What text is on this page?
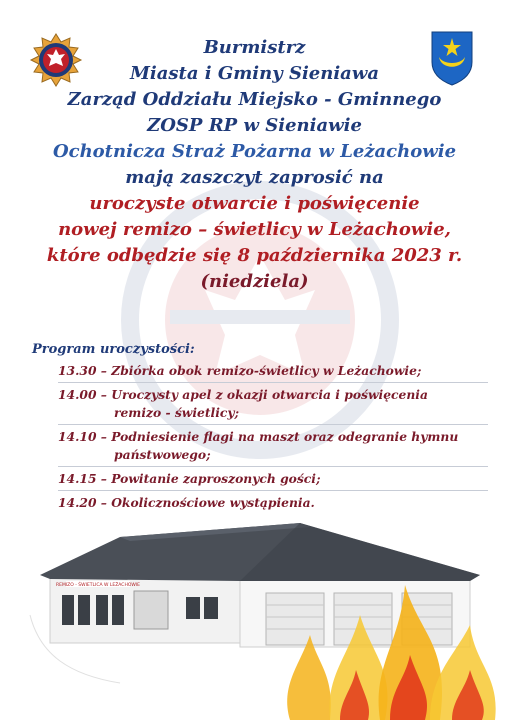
Burmistrz
Miasta i Gminy Sieniawa
Zarząd Oddziału Miejsko - Gminnego
ZOSP RP w Sieniawie
Ochotnicza Straż Pożarna w Leżachowie
mają zaszczyt zaprosić na
uroczyste otwarcie i poświęcenie
nowej remizo – świetlicy w Leżachowie,
które odbędzie się 8 października 2023 r.
(niedziela)
Program uroczystości:
13.30 – Zbiórka obok remizo-świetlicy w Leżachowie;
14.00 – Uroczysty apel z okazji otwarcia i poświęcenia
remizo - świetlicy;
14.10 – Podniesienie flagi na maszt oraz odegranie hymnu
państwowego;
14.15 – Powitanie zaproszonych gości;
14.20 – Okolicznościowe wystąpienia.
REMIZO - ŚWIETLICA W LEŻACHOWIE
